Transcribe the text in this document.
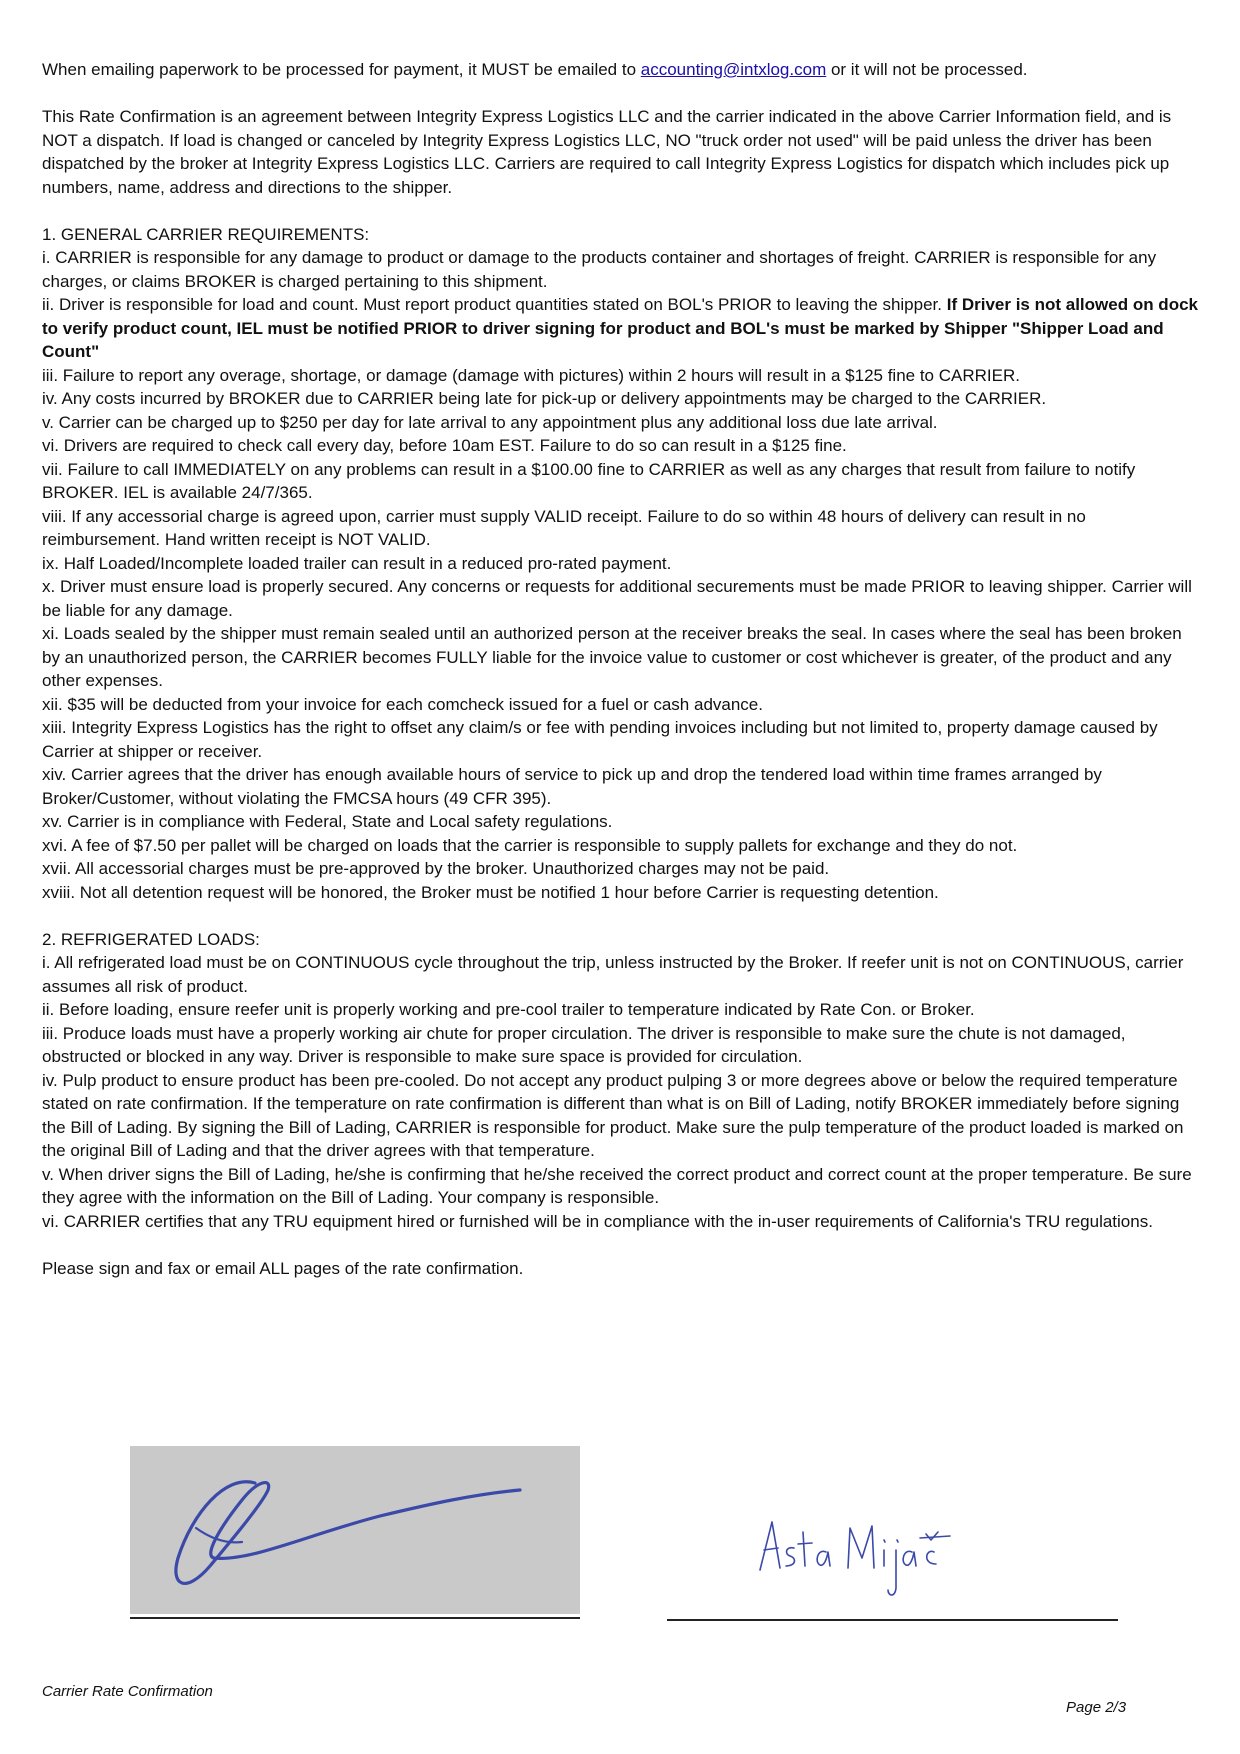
When emailing paperwork to be processed for payment, it MUST be emailed to accounting@intxlog.com or it will not be processed.

This Rate Confirmation is an agreement between Integrity Express Logistics LLC and the carrier indicated in the above Carrier Information field, and is NOT a dispatch. If load is changed or canceled by Integrity Express Logistics LLC, NO "truck order not used" will be paid unless the driver has been dispatched by the broker at Integrity Express Logistics LLC. Carriers are required to call Integrity Express Logistics for dispatch which includes pick up numbers, name, address and directions to the shipper.

1. GENERAL CARRIER REQUIREMENTS:

i. CARRIER is responsible for any damage to product or damage to the products container and shortages of freight. CARRIER is responsible for any charges, or claims BROKER is charged pertaining to this shipment.

ii. Driver is responsible for load and count. Must report product quantities stated on BOL's PRIOR to leaving the shipper. If Driver is not allowed on dock to verify product count, IEL must be notified PRIOR to driver signing for product and BOL's must be marked by Shipper "Shipper Load and Count"

iii. Failure to report any overage, shortage, or damage (damage with pictures) within 2 hours will result in a $125 fine to CARRIER.

iv. Any costs incurred by BROKER due to CARRIER being late for pick-up or delivery appointments may be charged to the CARRIER.

v. Carrier can be charged up to $250 per day for late arrival to any appointment plus any additional loss due late arrival.

vi. Drivers are required to check call every day, before 10am EST. Failure to do so can result in a $125 fine.

vii. Failure to call IMMEDIATELY on any problems can result in a $100.00 fine to CARRIER as well as any charges that result from failure to notify BROKER. IEL is available 24/7/365.

viii. If any accessorial charge is agreed upon, carrier must supply VALID receipt. Failure to do so within 48 hours of delivery can result in no reimbursement. Hand written receipt is NOT VALID.

ix. Half Loaded/Incomplete loaded trailer can result in a reduced pro-rated payment.

x. Driver must ensure load is properly secured. Any concerns or requests for additional securements must be made PRIOR to leaving shipper. Carrier will be liable for any damage.

xi. Loads sealed by the shipper must remain sealed until an authorized person at the receiver breaks the seal. In cases where the seal has been broken by an unauthorized person, the CARRIER becomes FULLY liable for the invoice value to customer or cost whichever is greater, of the product and any other expenses.

xii. $35 will be deducted from your invoice for each comcheck issued for a fuel or cash advance.

xiii. Integrity Express Logistics has the right to offset any claim/s or fee with pending invoices including but not limited to, property damage caused by Carrier at shipper or receiver.

xiv. Carrier agrees that the driver has enough available hours of service to pick up and drop the tendered load within time frames arranged by Broker/Customer, without violating the FMCSA hours (49 CFR 395).

xv. Carrier is in compliance with Federal, State and Local safety regulations.

xvi. A fee of $7.50 per pallet will be charged on loads that the carrier is responsible to supply pallets for exchange and they do not.

xvii. All accessorial charges must be pre-approved by the broker. Unauthorized charges may not be paid.

xviii. Not all detention request will be honored, the Broker must be notified 1 hour before Carrier is requesting detention.

2. REFRIGERATED LOADS:

i. All refrigerated load must be on CONTINUOUS cycle throughout the trip, unless instructed by the Broker. If reefer unit is not on CONTINUOUS, carrier assumes all risk of product.

ii. Before loading, ensure reefer unit is properly working and pre-cool trailer to temperature indicated by Rate Con. or Broker.

iii. Produce loads must have a properly working air chute for proper circulation. The driver is responsible to make sure the chute is not damaged, obstructed or blocked in any way. Driver is responsible to make sure space is provided for circulation.

iv. Pulp product to ensure product has been pre-cooled. Do not accept any product pulping 3 or more degrees above or below the required temperature stated on rate confirmation. If the temperature on rate confirmation is different than what is on Bill of Lading, notify BROKER immediately before signing the Bill of Lading. By signing the Bill of Lading, CARRIER is responsible for product. Make sure the pulp temperature of the product loaded is marked on the original Bill of Lading and that the driver agrees with that temperature.

v. When driver signs the Bill of Lading, he/she is confirming that he/she received the correct product and correct count at the proper temperature. Be sure they agree with the information on the Bill of Lading. Your company is responsible.

vi. CARRIER certifies that any TRU equipment hired or furnished will be in compliance with the in-user requirements of California's TRU regulations.

Please sign and fax or email ALL pages of the rate confirmation.

Carrier Rate Confirmation
Page 2/3
